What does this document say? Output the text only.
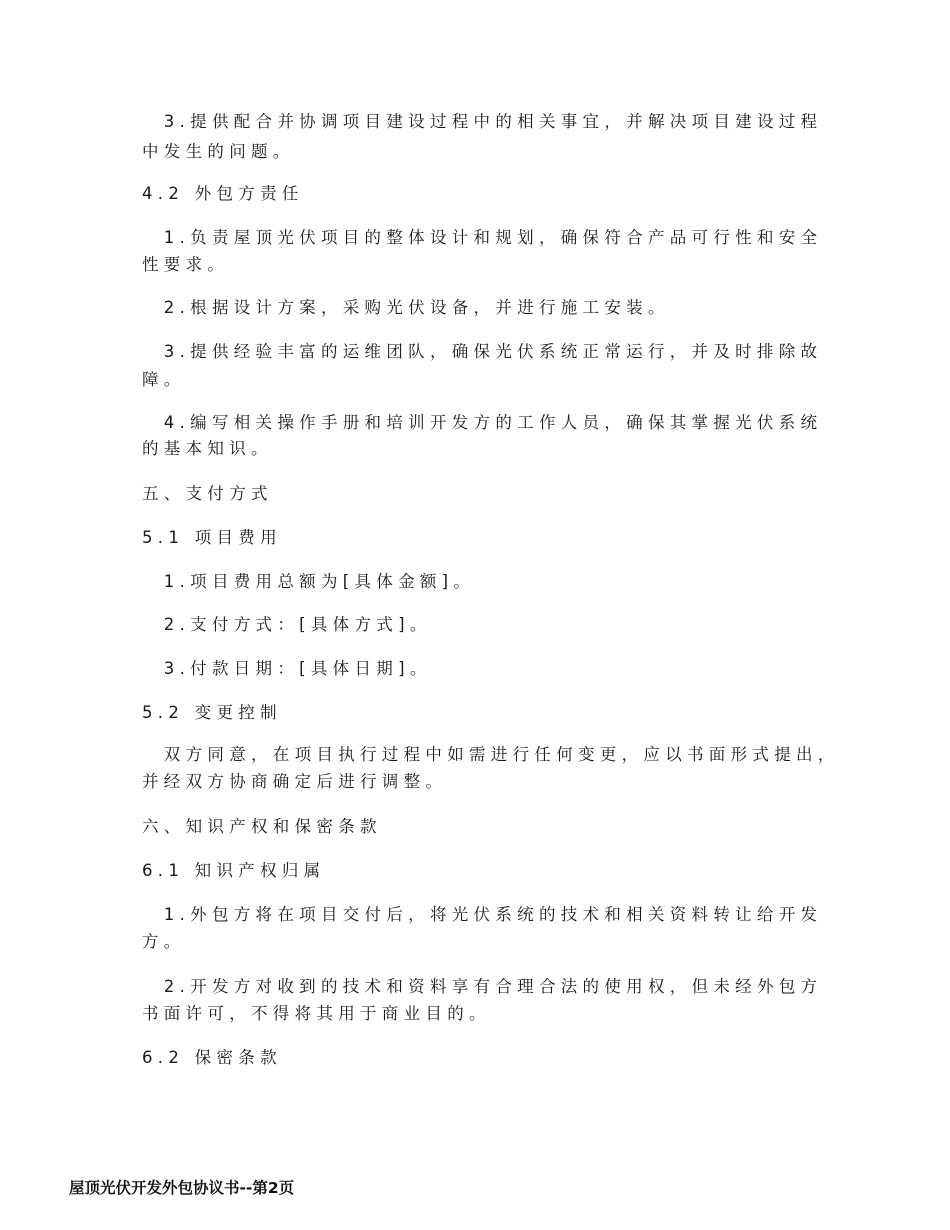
　3.提供配合并协调项目建设过程中的相关事宜，并解决项目建设过程
中发生的问题。
4.2 外包方责任
　1.负责屋顶光伏项目的整体设计和规划，确保符合产品可行性和安全
性要求。
　2.根据设计方案，采购光伏设备，并进行施工安装。
　3.提供经验丰富的运维团队，确保光伏系统正常运行，并及时排除故
障。
　4.编写相关操作手册和培训开发方的工作人员，确保其掌握光伏系统
的基本知识。
五、支付方式
5.1 项目费用
　1.项目费用总额为[具体金额]。
　2.支付方式：[具体方式]。
　3.付款日期：[具体日期]。
5.2 变更控制
　双方同意，在项目执行过程中如需进行任何变更，应以书面形式提出，
并经双方协商确定后进行调整。
六、知识产权和保密条款
6.1 知识产权归属
　1.外包方将在项目交付后，将光伏系统的技术和相关资料转让给开发
方。
　2.开发方对收到的技术和资料享有合理合法的使用权，但未经外包方
书面许可，不得将其用于商业目的。
6.2 保密条款
屋顶光伏开发外包协议书--第2页
